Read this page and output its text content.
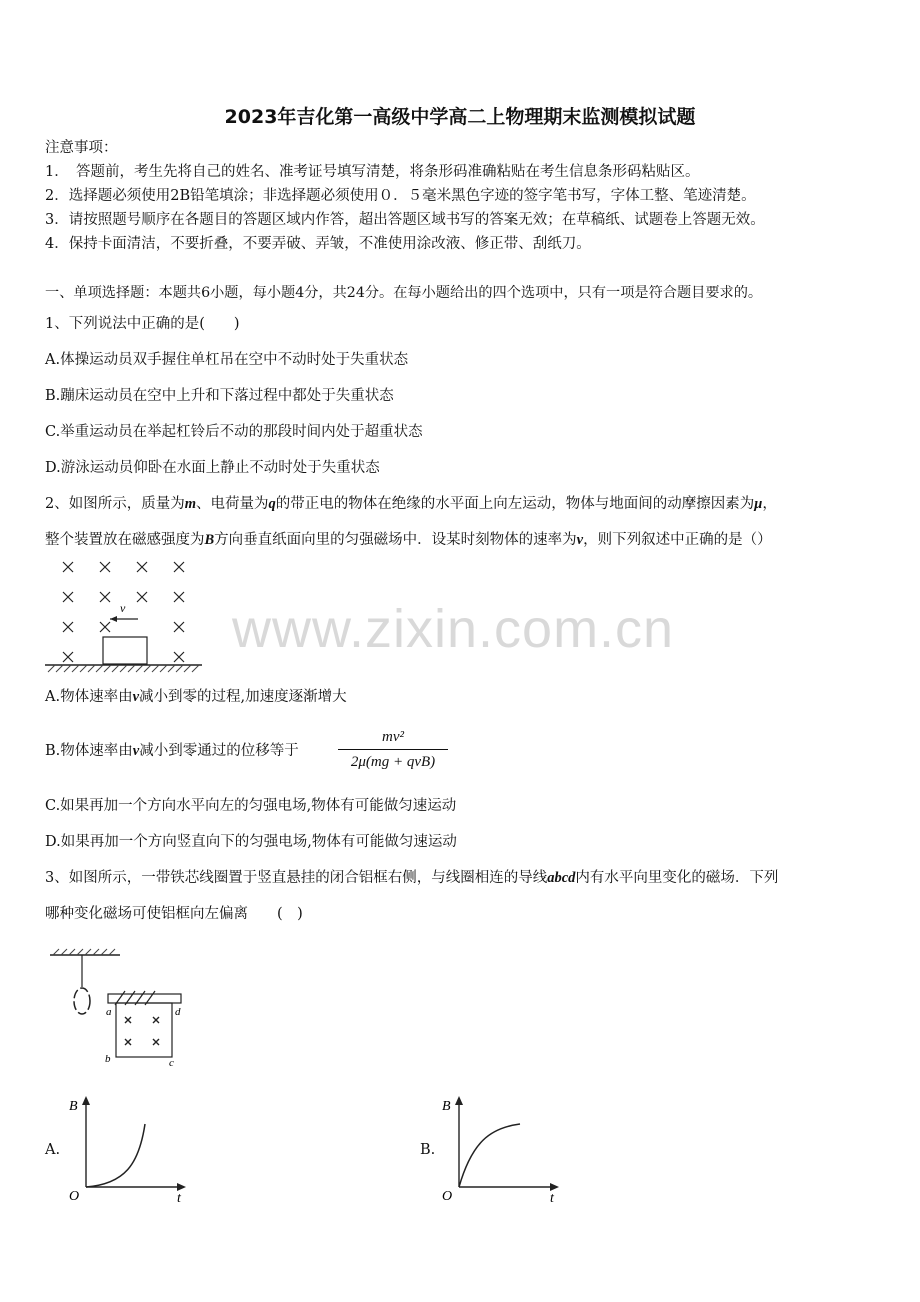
2023年吉化第一高级中学高二上物理期末监测模拟试题
注意事项：
1．　答题前，考生先将自己的姓名、准考证号填写清楚，将条形码准确粘贴在考生信息条形码粘贴区。
2．选择题必须使用2B铅笔填涂；非选择题必须使用０．５毫米黑色字迹的签字笔书写，字体工整、笔迹清楚。
3．请按照题号顺序在各题目的答题区域内作答，超出答题区域书写的答案无效；在草稿纸、试题卷上答题无效。
4．保持卡面清洁，不要折叠，不要弄破、弄皱，不准使用涂改液、修正带、刮纸刀。
一、单项选择题：本题共6小题，每小题4分，共24分。在每小题给出的四个选项中，只有一项是符合题目要求的。
1、下列说法中正确的是(　　)
A.体操运动员双手握住单杠吊在空中不动时处于失重状态
B.蹦床运动员在空中上升和下落过程中都处于失重状态
C.举重运动员在举起杠铃后不动的那段时间内处于超重状态
D.游泳运动员仰卧在水面上静止不动时处于失重状态
2、如图所示，质量为m、电荷量为q的带正电的物体在绝缘的水平面上向左运动，物体与地面间的动摩擦因素为μ，
整个装置放在磁感强度为B方向垂直纸面向里的匀强磁场中．设某时刻物体的速率为v，则下列叙述中正确的是（）
v www.zixin.com.cn
A.物体速率由v减小到零的过程,加速度逐渐增大
B.物体速率由v减小到零通过的位移等于
mv²
2μ(mg + qvB)
C.如果再加一个方向水平向左的匀强电场,物体有可能做匀速运动
D.如果再加一个方向竖直向下的匀强电场,物体有可能做匀速运动
3、如图所示，一带铁芯线圈置于竖直悬挂的闭合铝框右侧，与线圈相连的导线abcd内有水平向里变化的磁场．下列
哪种变化磁场可使铝框向左偏离　　(　)
a	d
b	c
A.
B
t
O
B.
B
t
O
